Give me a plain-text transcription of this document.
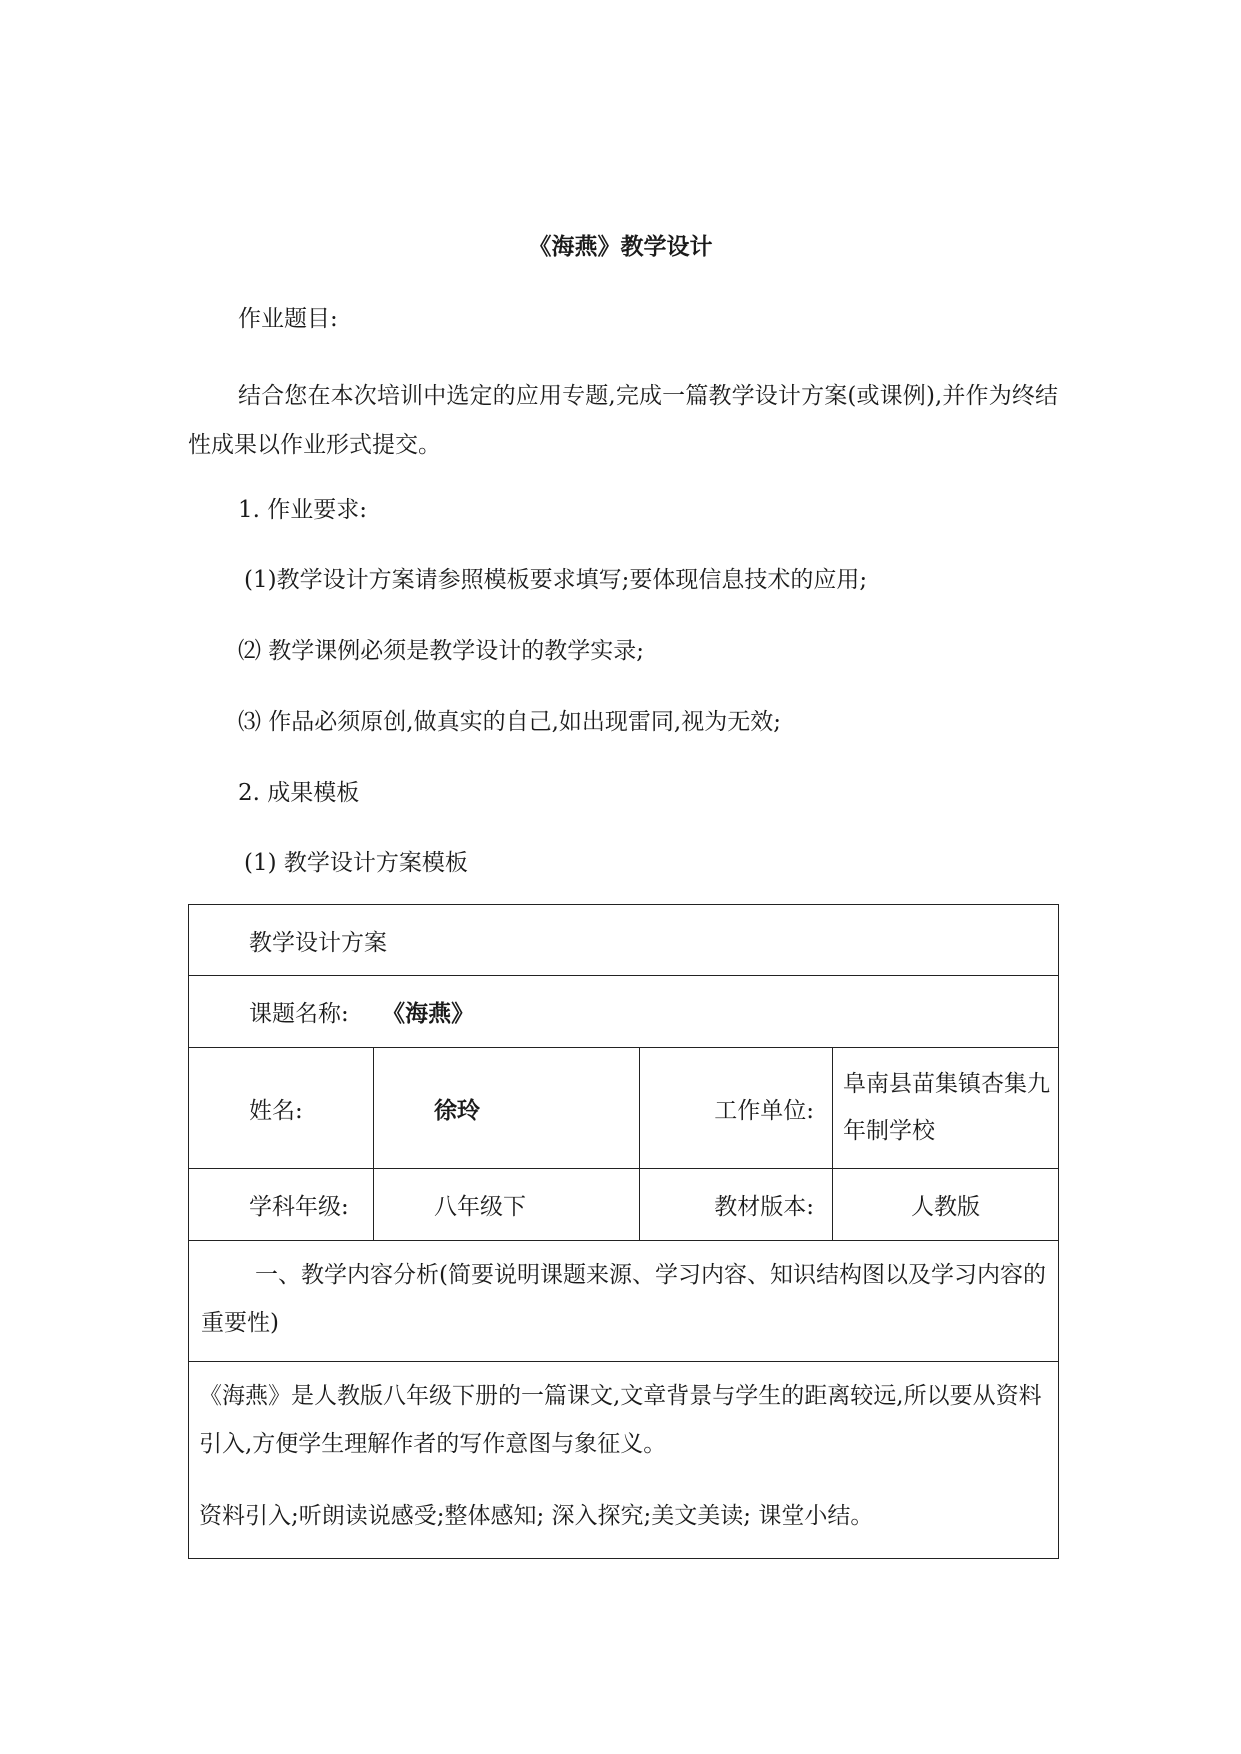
《海燕》教学设计
作业题目:
结合您在本次培训中选定的应用专题,完成一篇教学设计方案(或课例),并作为终结性成果以作业形式提交。
1. 作业要求:
(1)教学设计方案请参照模板要求填写;要体现信息技术的应用;
⑵ 教学课例必须是教学设计的教学实录;
⑶ 作品必须原创,做真实的自己,如出现雷同,视为无效;
2. 成果模板
(1) 教学设计方案模板
教学设计方案			
课题名称: 《海燕》			
姓名:	徐玲	工作单位:	阜南县苗集镇杏集九年制学校
学科年级:	八年级下	教材版本:	人教版
一、教学内容分析(简要说明课题来源、学习内容、知识结构图以及学习内容的重要性)			

《海燕》是人教版八年级下册的一篇课文,文章背景与学生的距离较远,所以要从资料引入,方便学生理解作者的写作意图与象征义。
资料引入;听朗读说感受;整体感知; 深入探究;美文美读; 课堂小结。			
